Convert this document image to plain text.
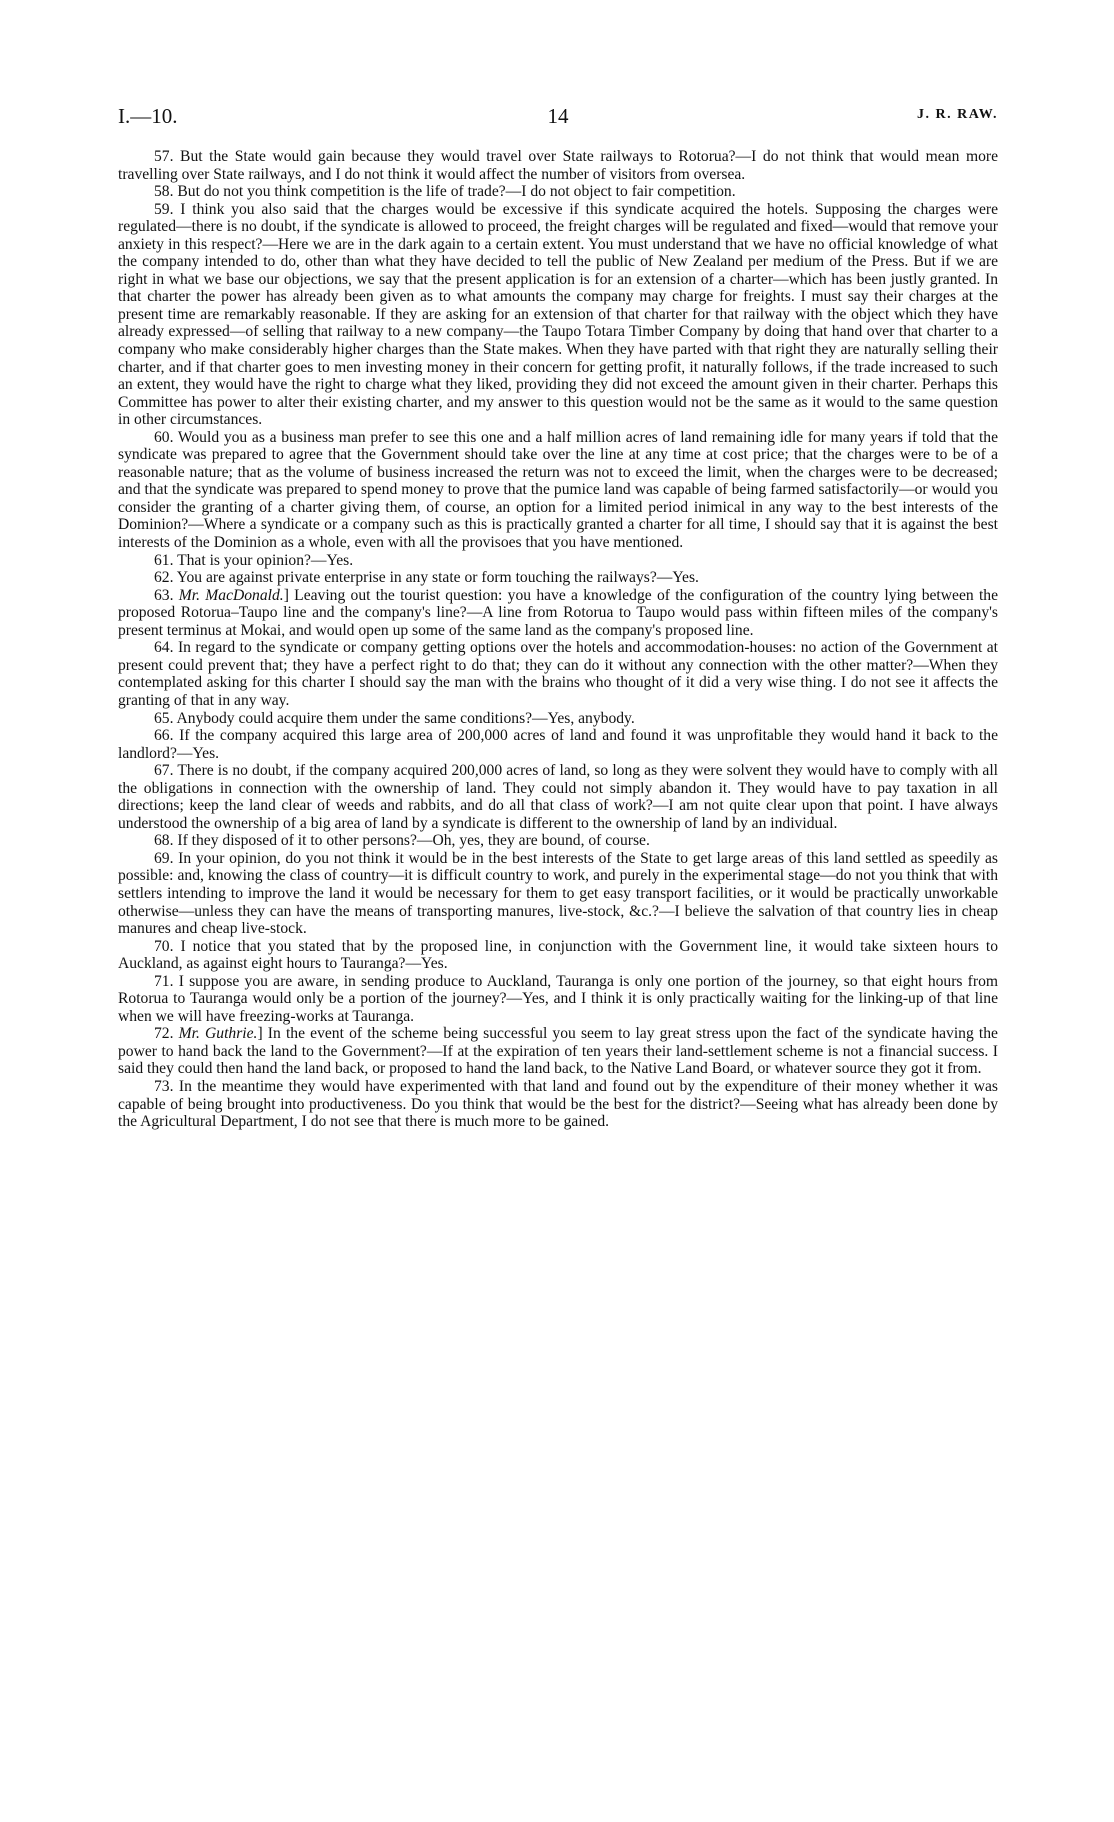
I.—10.	14	J. R. RAW.

57. But the State would gain because they would travel over State railways to Rotorua?—I do not think that would mean more travelling over State railways, and I do not think it would affect the number of visitors from oversea.

58. But do not you think competition is the life of trade?—I do not object to fair competition.

59. I think you also said that the charges would be excessive if this syndicate acquired the hotels. Supposing the charges were regulated—there is no doubt, if the syndicate is allowed to proceed, the freight charges will be regulated and fixed—would that remove your anxiety in this respect?—Here we are in the dark again to a certain extent. You must understand that we have no official knowledge of what the company intended to do, other than what they have decided to tell the public of New Zealand per medium of the Press. But if we are right in what we base our objections, we say that the present application is for an extension of a charter—which has been justly granted. In that charter the power has already been given as to what amounts the company may charge for freights. I must say their charges at the present time are remarkably reasonable. If they are asking for an extension of that charter for that railway with the object which they have already expressed—of selling that railway to a new company—the Taupo Totara Timber Company by doing that hand over that charter to a company who make considerably higher charges than the State makes. When they have parted with that right they are naturally selling their charter, and if that charter goes to men investing money in their concern for getting profit, it naturally follows, if the trade increased to such an extent, they would have the right to charge what they liked, providing they did not exceed the amount given in their charter. Perhaps this Committee has power to alter their existing charter, and my answer to this question would not be the same as it would to the same question in other circumstances.

60. Would you as a business man prefer to see this one and a half million acres of land remaining idle for many years if told that the syndicate was prepared to agree that the Government should take over the line at any time at cost price; that the charges were to be of a reasonable nature; that as the volume of business increased the return was not to exceed the limit, when the charges were to be decreased; and that the syndicate was prepared to spend money to prove that the pumice land was capable of being farmed satisfactorily—or would you consider the granting of a charter giving them, of course, an option for a limited period inimical in any way to the best interests of the Dominion?—Where a syndicate or a company such as this is practically granted a charter for all time, I should say that it is against the best interests of the Dominion as a whole, even with all the provisoes that you have mentioned.

61. That is your opinion?—Yes.

62. You are against private enterprise in any state or form touching the railways?—Yes.

63. Mr. MacDonald.] Leaving out the tourist question: you have a knowledge of the configuration of the country lying between the proposed Rotorua–Taupo line and the company's line?—A line from Rotorua to Taupo would pass within fifteen miles of the company's present terminus at Mokai, and would open up some of the same land as the company's proposed line.

64. In regard to the syndicate or company getting options over the hotels and accommodation-houses: no action of the Government at present could prevent that; they have a perfect right to do that; they can do it without any connection with the other matter?—When they contemplated asking for this charter I should say the man with the brains who thought of it did a very wise thing. I do not see it affects the granting of that in any way.

65. Anybody could acquire them under the same conditions?—Yes, anybody.

66. If the company acquired this large area of 200,000 acres of land and found it was unprofitable they would hand it back to the landlord?—Yes.

67. There is no doubt, if the company acquired 200,000 acres of land, so long as they were solvent they would have to comply with all the obligations in connection with the ownership of land. They could not simply abandon it. They would have to pay taxation in all directions; keep the land clear of weeds and rabbits, and do all that class of work?—I am not quite clear upon that point. I have always understood the ownership of a big area of land by a syndicate is different to the ownership of land by an individual.

68. If they disposed of it to other persons?—Oh, yes, they are bound, of course.

69. In your opinion, do you not think it would be in the best interests of the State to get large areas of this land settled as speedily as possible: and, knowing the class of country—it is difficult country to work, and purely in the experimental stage—do not you think that with settlers intending to improve the land it would be necessary for them to get easy transport facilities, or it would be practically unworkable otherwise—unless they can have the means of transporting manures, live-stock, &c.?—I believe the salvation of that country lies in cheap manures and cheap live-stock.

70. I notice that you stated that by the proposed line, in conjunction with the Government line, it would take sixteen hours to Auckland, as against eight hours to Tauranga?—Yes.

71. I suppose you are aware, in sending produce to Auckland, Tauranga is only one portion of the journey, so that eight hours from Rotorua to Tauranga would only be a portion of the journey?—Yes, and I think it is only practically waiting for the linking-up of that line when we will have freezing-works at Tauranga.

72. Mr. Guthrie.] In the event of the scheme being successful you seem to lay great stress upon the fact of the syndicate having the power to hand back the land to the Government?—If at the expiration of ten years their land-settlement scheme is not a financial success. I said they could then hand the land back, or proposed to hand the land back, to the Native Land Board, or whatever source they got it from.

73. In the meantime they would have experimented with that land and found out by the expenditure of their money whether it was capable of being brought into productiveness. Do you think that would be the best for the district?—Seeing what has already been done by the Agricultural Department, I do not see that there is much more to be gained.
